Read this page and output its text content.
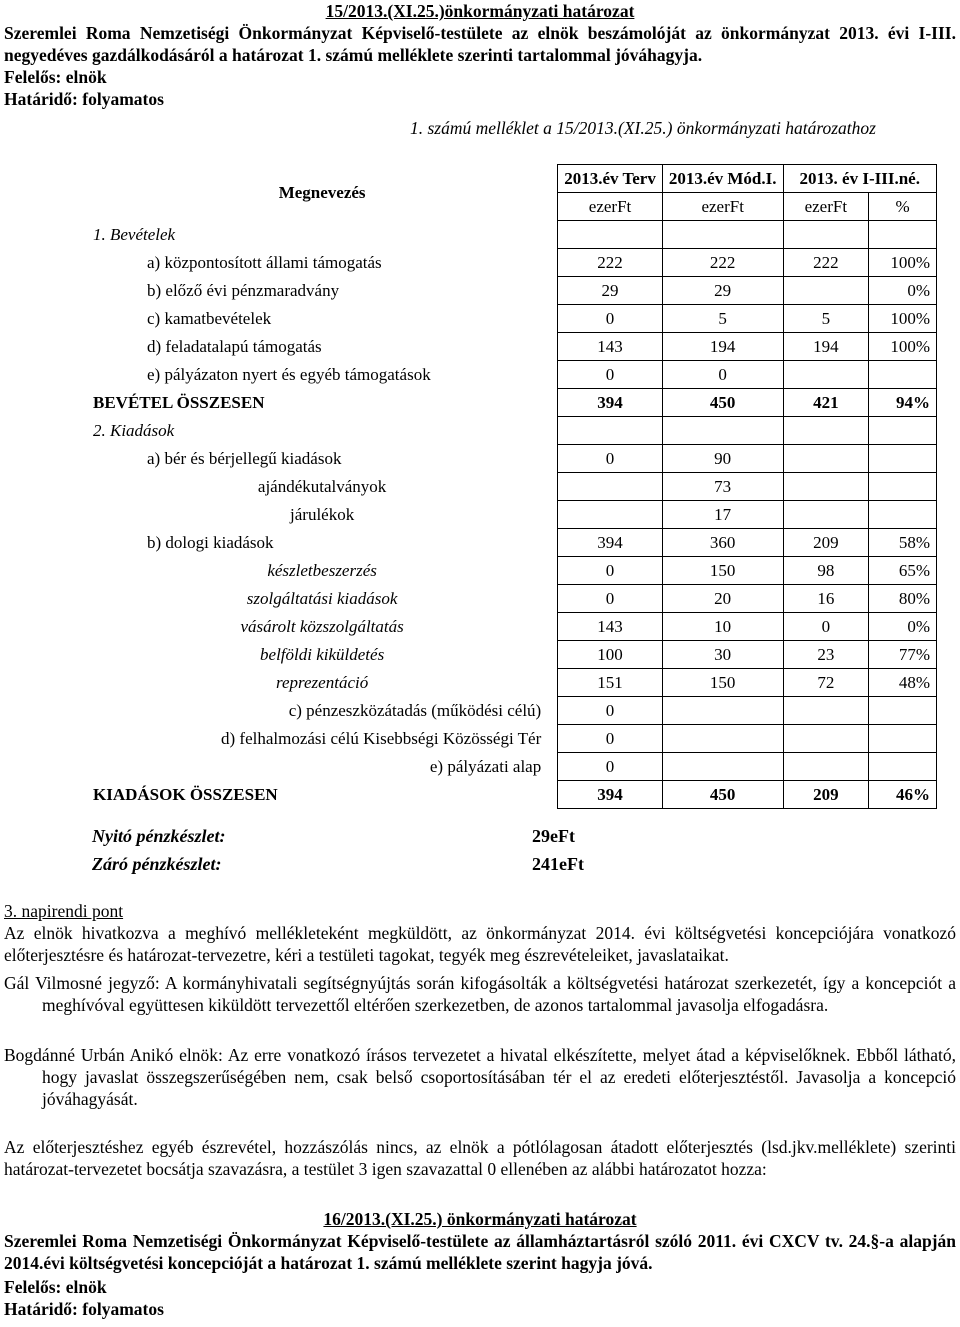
15/2013.(XI.25.)önkormányzati határozat
Szeremlei Roma Nemzetiségi Önkormányzat Képviselő-testülete az elnök beszámolóját az önkormányzat 2013. évi I-III. negyedéves gazdálkodásáról a határozat 1. számú melléklete szerinti tartalommal jóváhagyja.
Felelős: elnök
Határidő: folyamatos
1. számú melléklet a 15/2013.(XI.25.) önkormányzati határozathoz
Megnevezés	2013.év Terv	2013.év Mód.I.	2013. év I-III.né.	
	ezerFt	ezerFt	ezerFt	%
1. Bevételek				
a) központosított állami támogatás	222	222	222	100%
b) előző évi pénzmaradvány	29	29		0%
c) kamatbevételek	0	5	5	100%
d) feladatalapú támogatás	143	194	194	100%
e) pályázaton nyert és egyéb támogatások	0	0		
BEVÉTEL ÖSSZESEN	394	450	421	94%
2. Kiadások				
a) bér és bérjellegű kiadások	0	90		
ajándékutalványok		73		
járulékok		17		
b) dologi kiadások	394	360	209	58%
készletbeszerzés	0	150	98	65%
szolgáltatási kiadások	0	20	16	80%
vásárolt közszolgáltatás	143	10	0	0%
belföldi kiküldetés	100	30	23	77%
reprezentáció	151	150	72	48%
c) pénzeszközátadás (működési célú)	0			
d) felhalmozási célú Kisebbségi Közösségi Tér	0			
e) pályázati alap	0			
KIADÁSOK ÖSSZESEN	394	450	209	46%
Nyitó pénzkészlet:	29eFt
Záró pénzkészlet:	241eFt
3. napirendi pont
Az elnök hivatkozva a meghívó mellékleteként megküldött, az önkormányzat 2014. évi költségvetési koncepciójára vonatkozó előterjesztésre és határozat-tervezetre, kéri a testületi tagokat, tegyék meg észrevételeiket, javaslataikat.
Gál Vilmosné jegyző: A kormányhivatali segítségnyújtás során kifogásolták a költségvetési határozat szerkezetét, így a koncepciót a meghívóval együttesen kiküldött tervezettől eltérően szerkezetben, de azonos tartalommal javasolja elfogadásra.
Bogdánné Urbán Anikó elnök: Az erre vonatkozó írásos tervezetet a hivatal elkészítette, melyet átad a képviselőknek. Ebből látható, hogy javaslat összegszerűségében nem, csak belső csoportosításában tér el az eredeti előterjesztéstől. Javasolja a koncepció jóváhagyását.
Az előterjesztéshez egyéb észrevétel, hozzászólás nincs, az elnök a pótlólagosan átadott előterjesztés (lsd.jkv.melléklete) szerinti határozat-tervezetet bocsátja szavazásra, a testület 3 igen szavazattal 0 ellenében az alábbi határozatot hozza:
16/2013.(XI.25.) önkormányzati határozat
Szeremlei Roma Nemzetiségi Önkormányzat Képviselő-testülete az államháztartásról szóló 2011. évi CXCV tv. 24.§-a alapján 2014.évi költségvetési koncepcióját a határozat 1. számú melléklete szerint hagyja jóvá.
Felelős: elnök
Határidő: folyamatos
